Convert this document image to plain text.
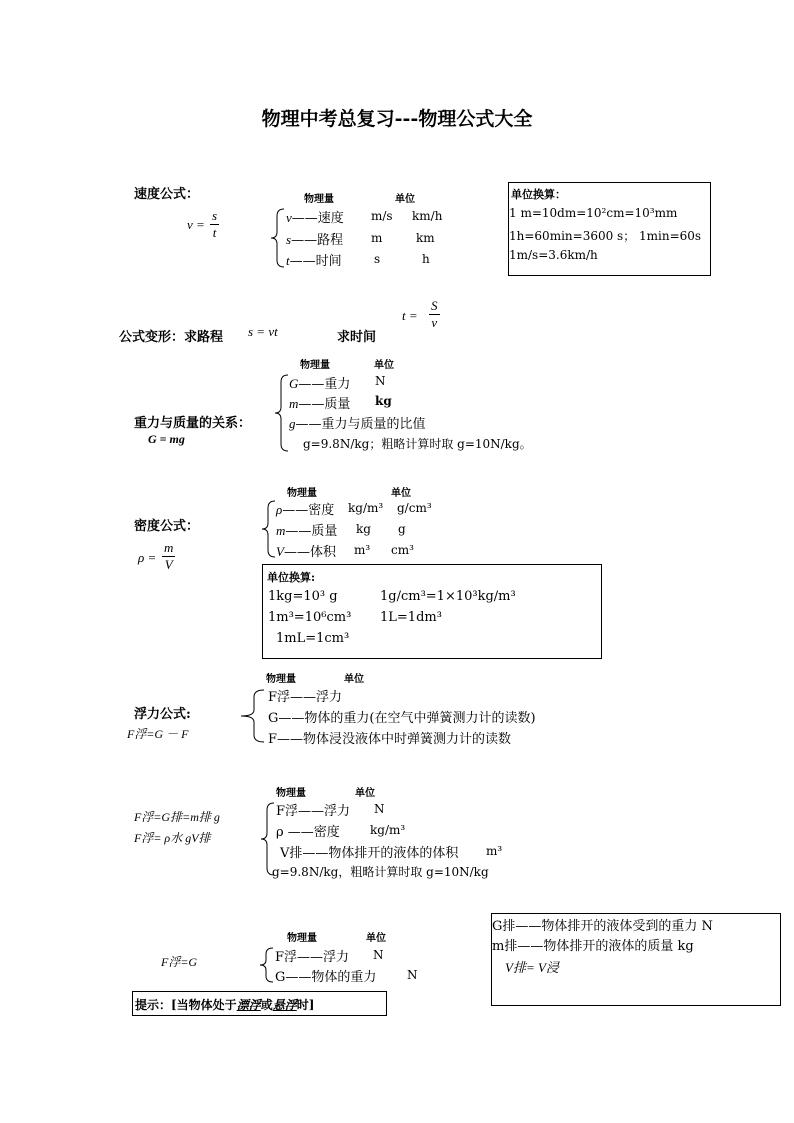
物理中考总复习---物理公式大全
速度公式：
$v = \frac{s}{t}$
物理量	单位
v——速度 m/s km/h
s——路程 m	km
t——时间	s	h
单位换算：
1 m=10dm=10²cm=10³mm
1h=60min=3600 s； 1min=60s
1m/s=3.6km/h
公式变形：求路程 s = vt	求时间
$t = \frac{S}{v}$
物理量	单位
G——重力 N
m——质量 kg
g——重力与质量的比值
g=9.8N/kg；粗略计算时取 g=10N/kg。
重力与质量的关系：
G = mg
物理量	单位
ρ——密度 kg/m³ g/cm³
m——质量 kg g
V——体积 m³ cm³
密度公式：
$\rho = \frac{m}{V}$
单位换算:
1kg=10³ g	1g/cm³=1×10³kg/m³
1m³=10⁶cm³ 1L=1dm³
1mL=1cm³
物理量	单位
F浮——浮力
G——物体的重力(在空气中弹簧测力计的读数)
F——物体浸没液体中时弹簧测力计的读数
浮力公式:
F浮=G － F
物理量	单位
F浮——浮力 N
ρ ——密度	kg/m³
V排——物体排开的液体的体积 m³
g=9.8N/kg，粗略计算时取 g=10N/kg
F浮=G排=m排 g
F浮= ρ水 gV排
物理量	单位
F浮——浮力 N
G——物体的重力	N
F浮=G
提示：[当物体处于漂浮或悬浮时]
G排——物体排开的液体受到的重力 N
m排——物体排开的液体的质量 kg
V排= V浸
